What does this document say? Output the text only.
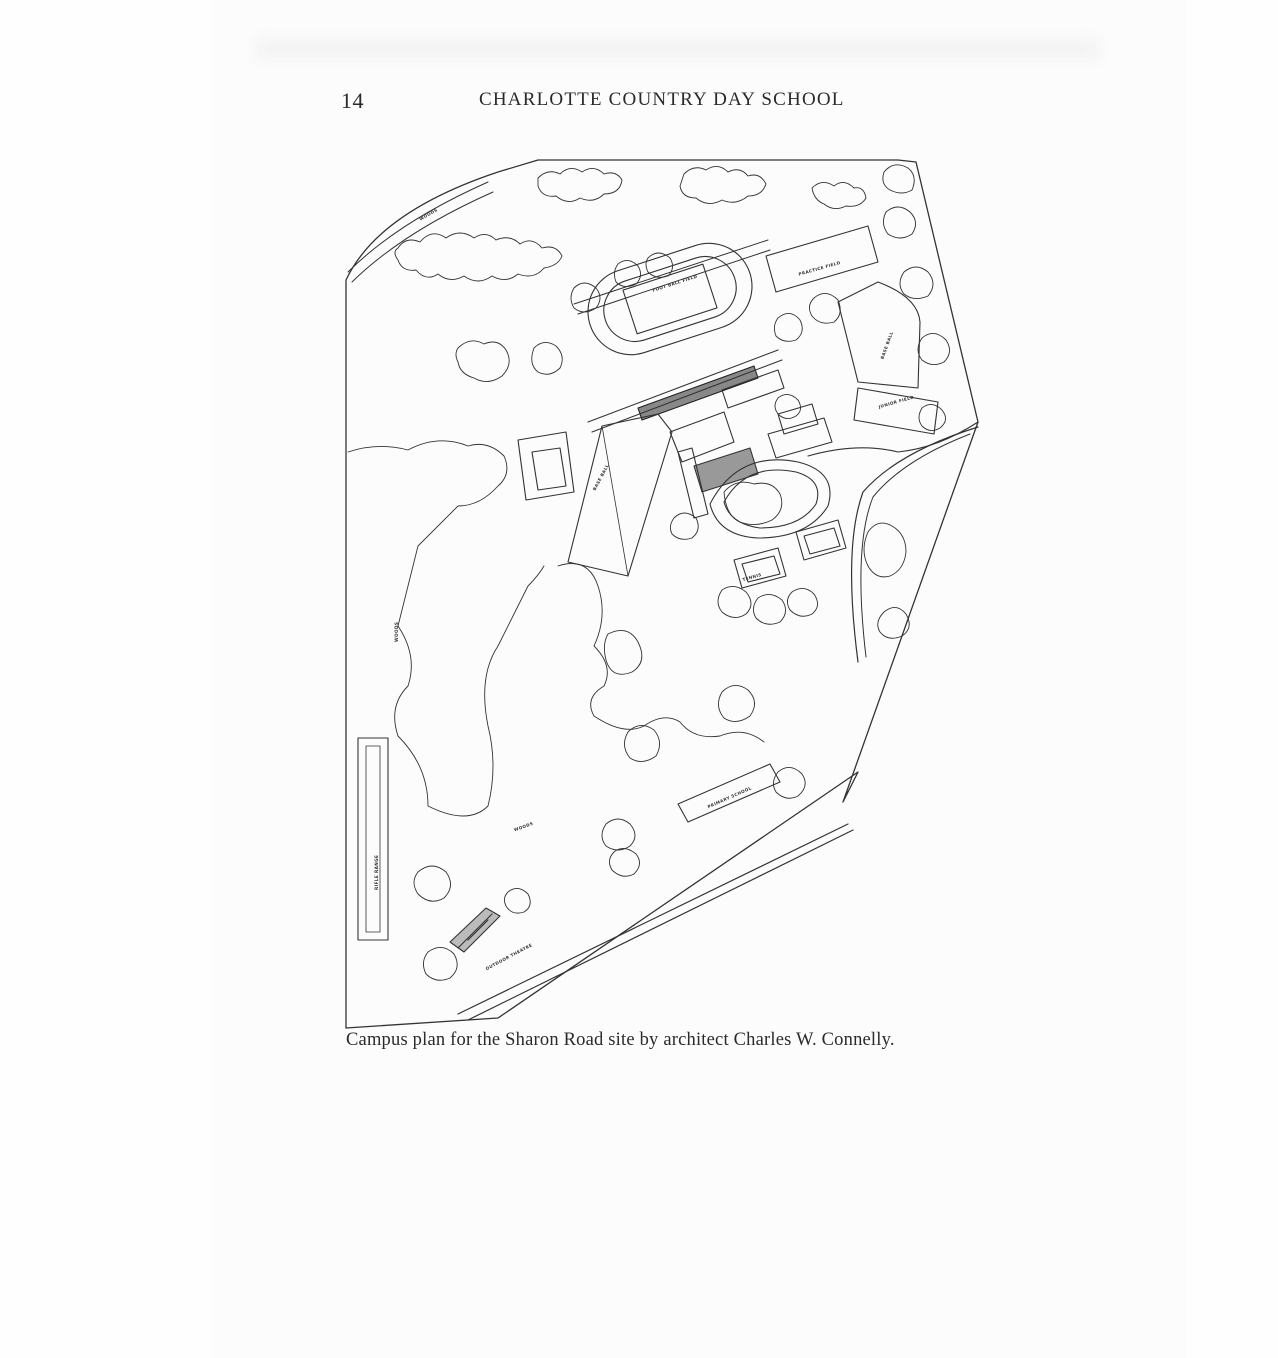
14	CHARLOTTE COUNTRY DAY SCHOOL
FOOT BALL FIELD
PRACTICE FIELD
BASE BALL
PRIMARY SCHOOL
WOODS
WOODS
WOODS
RIFLE RANGE
OUTDOOR THEATRE
JUNIOR FIELD
BASE BALL
TENNIS
Campus plan for the Sharon Road site by architect Charles W. Connelly.
